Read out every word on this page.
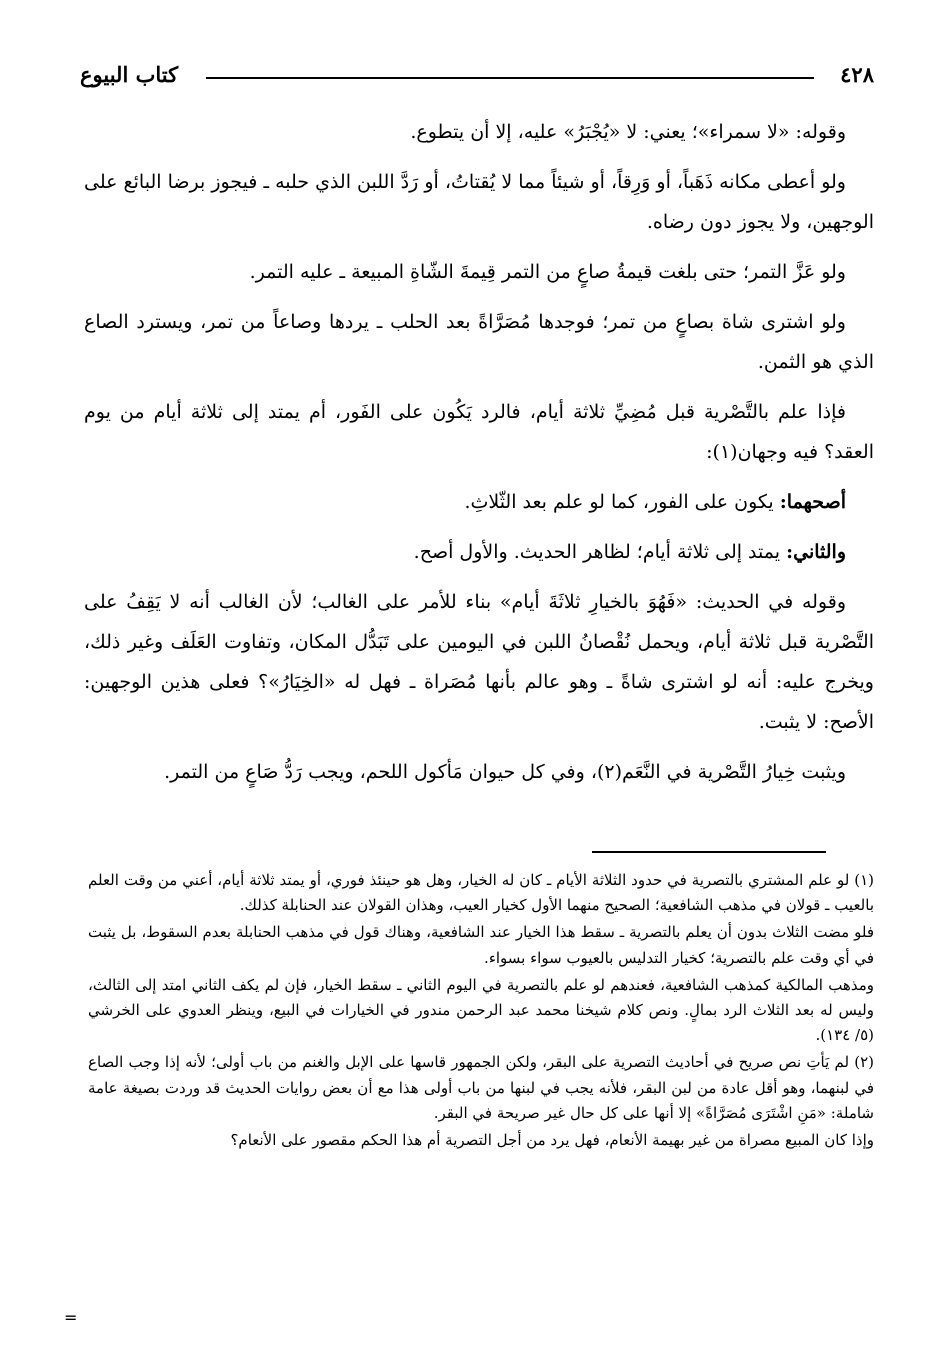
٤٢٨
كتاب البيوع

وقوله: «لا سمراء»؛ يعني: لا «يُجْبَرُ» عليه، إلا أن يتطوع.

ولو أعطى مكانه ذَهَباً، أو وَرِقاً، أو شيئاً مما لا يُقتاتُ، أو رَدَّ اللبن الذي حلبه ـ فيجوز برضا البائع على الوجهين، ولا يجوز دون رضاه.

ولو عَزَّ التمر؛ حتى بلغت قيمةُ صاعٍ من التمر قِيمةَ الشّاةِ المبيعة ـ عليه التمر.

ولو اشترى شاة بصاعٍ من تمر؛ فوجدها مُصَرَّاةً بعد الحلب ـ يردها وصاعاً من تمر، ويسترد الصاع الذي هو الثمن.

فإذا علم بالتَّصْرية قبل مُضِيِّ ثلاثة أيام، فالرد يَكُون على الفَور، أم يمتد إلى ثلاثة أيام من يوم العقد؟ فيه وجهان(١):

أصحهما: يكون على الفور، كما لو علم بعد الثّلاثِ.

والثاني: يمتد إلى ثلاثة أيام؛ لظاهر الحديث. والأول أصح.

وقوله في الحديث: «فَهُوَ بالخيارِ ثلاثَةَ أيام» بناء للأمر على الغالب؛ لأن الغالب أنه لا يَقِفُ على التَّصْرية قبل ثلاثة أيام، ويحمل نُقْصانُ اللبن في اليومين على تَبَدُّل المكان، وتفاوت العَلَف وغير ذلك، ويخرج عليه: أنه لو اشترى شاةً ـ وهو عالم بأنها مُصَراة ـ فهل له «الخِيَارُ»؟ فعلى هذين الوجهين: الأصح: لا يثبت.

ويثبت خِيارُ التَّصْرية في النَّعَم(٢)، وفي كل حيوان مَأكول اللحم، ويجب رَدُّ صَاعٍ من التمر.

(١) لو علم المشتري بالتصرية في حدود الثلاثة الأيام ـ كان له الخيار، وهل هو حينئذ فوري، أو يمتد ثلاثة أيام، أعني من وقت العلم بالعيب ـ قولان في مذهب الشافعية؛ الصحيح منهما الأول كخيار العيب، وهذان القولان عند الحنابلة كذلك.

فلو مضت الثلاث بدون أن يعلم بالتصرية ـ سقط هذا الخيار عند الشافعية، وهناك قول في مذهب الحنابلة بعدم السقوط، بل يثبت في أي وقت علم بالتصرية؛ كخيار التدليس بالعيوب سواء بسواء.

ومذهب المالكية كمذهب الشافعية، فعندهم لو علم بالتصرية في اليوم الثاني ـ سقط الخيار، فإن لم يكف الثاني امتد إلى الثالث، وليس له بعد الثلاث الرد بمالٍ. ونص كلام شيخنا محمد عبد الرحمن مندور في الخيارات في البيع، وينظر العدوي على الخرشي (٥/ ١٣٤).

(٢) لم يَأتِ نص صريح في أحاديث التصرية على البقر، ولكن الجمهور قاسها على الإبل والغنم من باب أولى؛ لأنه إذا وجب الصاع في لبنهما، وهو أقل عادة من لبن البقر، فلأنه يجب في لبنها من باب أولى هذا مع أن بعض روايات الحديث قد وردت بصيغة عامة شاملة: «مَنِ اشْتَرَى مُصَرَّاةً» إلا أنها على كل حال غير صريحة في البقر.

وإذا كان المبيع مصراة من غير بهيمة الأنعام، فهل يرد من أجل التصرية أم هذا الحكم مقصور على الأنعام؟

=
